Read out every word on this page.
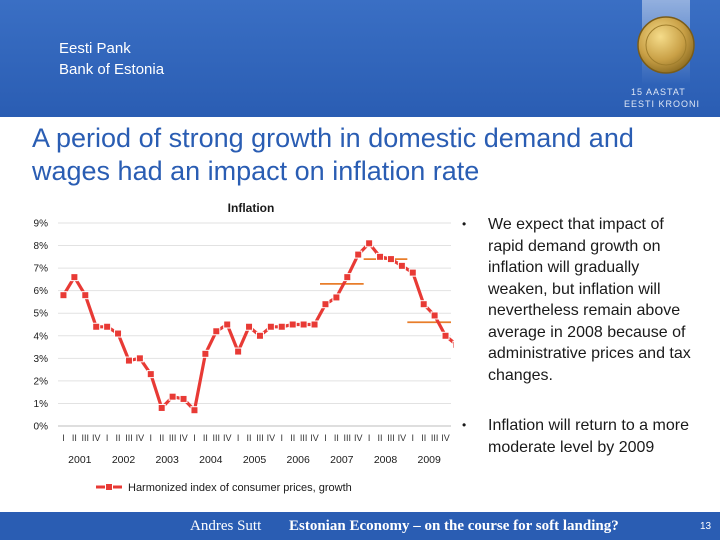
Eesti Pank
Bank of Estonia
15 AASTAT
EESTI KROONI
A period of strong growth in domestic demand and wages had an impact on inflation rate
Inflation
0%
1%
2%
3%
4%
5%
6%
7%
8%
9%
I II III IV I II III IV I II III IV I II III IV I II III IV I II III IV I II III IV I II III IV I II III IV
2001 2002 2003 2004 2005 2006 2007 2008 2009
Harmonized index of consumer prices, growth
• We expect that impact of rapid demand growth on inflation will gradually weaken, but inflation will nevertheless remain above average in 2008 because of administrative prices and tax changes.
• Inflation will return to a more moderate level by 2009
Andres Sutt Estonian Economy – on the course for soft landing?	13
